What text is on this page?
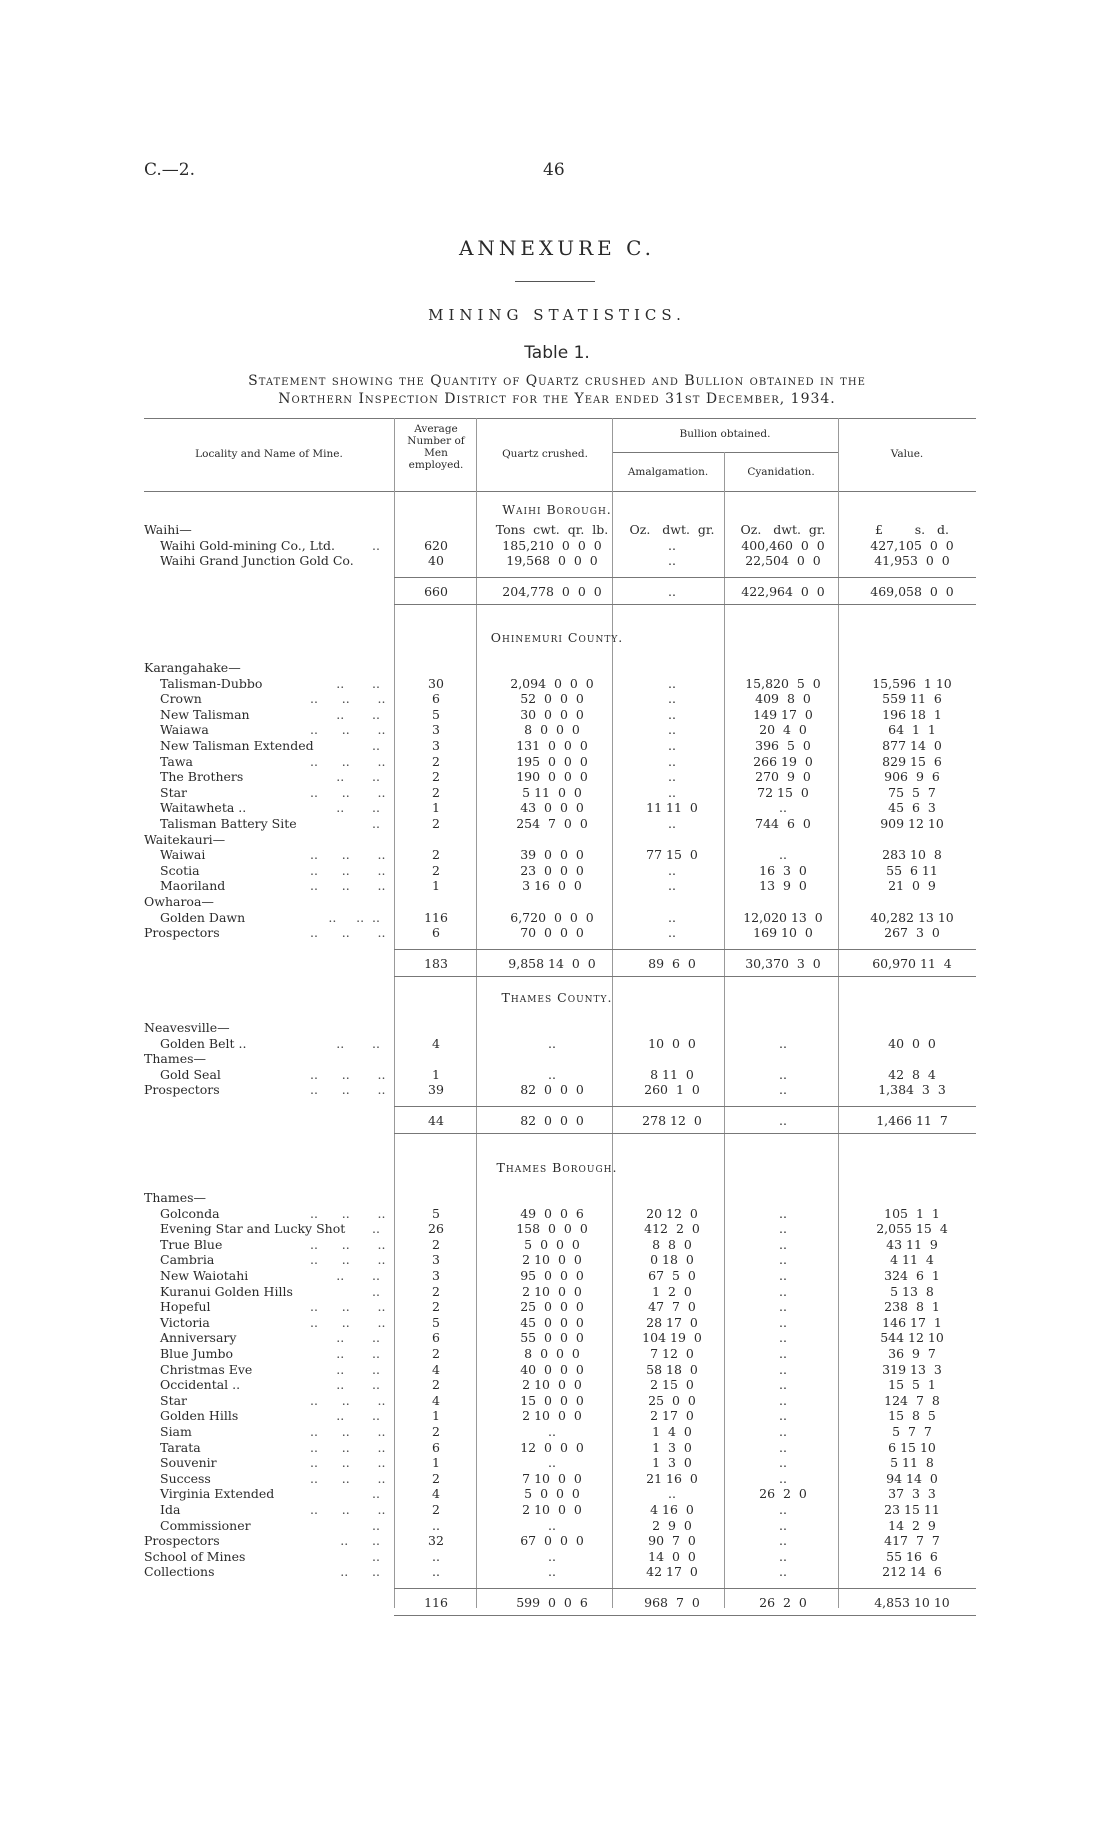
C.—2.	46
ANNEXURE C.
MINING STATISTICS.
Table 1.
Statement showing the Quantity of Quartz crushed and Bullion obtained in the
Northern Inspection District for the Year ended 31st December, 1934.
Locality and Name of Mine.
Average
Number of
Men
employed.
Quartz crushed.
Bullion obtained.
Amalgamation.	Cyanidation.
Value.
Waihi Borough.
Tons  cwt.  qr.  lb.	Oz.   dwt.  gr.	Oz.   dwt.  gr.	£        s.   d.
Waihi—
Waihi Gold-mining Co., Ltd.	..	620	185,210  0  0  0	..	400,460  0  0	427,105  0  0
Waihi Grand Junction Gold Co.	40	19,568  0  0  0	..	22,504  0  0	41,953  0  0
660	204,778  0  0  0	..	422,964  0  0	469,058  0  0
Ohinemuri County.
Karangahake—
Talisman-Dubbo	..       ..	30	2,094  0  0  0	..	15,820  5  0	15,596  1 10
Crown	..      ..       ..	6	52  0  0  0	..	409  8  0	559 11  6
New Talisman	..       ..	5	30  0  0  0	..	149 17  0	196 18  1
Waiawa	..      ..       ..	3	8  0  0  0	..	20  4  0	64  1  1
New Talisman Extended	..	3	131  0  0  0	..	396  5  0	877 14  0
Tawa	..      ..       ..	2	195  0  0  0	..	266 19  0	829 15  6
The Brothers	..       ..	2	190  0  0  0	..	270  9  0	906  9  6
Star	..      ..       ..	2	5 11  0  0	..	72 15  0	75  5  7
Waitawheta ..	..       ..	1	43  0  0  0	11 11  0	..	45  6  3
Talisman Battery Site	..	2	254  7  0  0	..	744  6  0	909 12 10
Waitekauri—
Waiwai	..      ..       ..	2	39  0  0  0	77 15  0	..	283 10  8
Scotia	..      ..       ..	2	23  0  0  0	..	16  3  0	55  6 11
Maoriland	..      ..       ..	1	3 16  0  0	..	13  9  0	21  0  9
Owharoa—
Golden Dawn	..     ..  ..	116	6,720  0  0  0	..	12,020 13  0	40,282 13 10
Prospectors	..      ..       ..	6	70  0  0  0	..	169 10  0	267  3  0
183	9,858 14  0  0	89  6  0	30,370  3  0	60,970 11  4
Thames County.
Neavesville—
Golden Belt ..	..       ..	4	..	10  0  0	..	40  0  0
Thames—
Gold Seal	..      ..       ..	1	..	8 11  0	..	42  8  4
Prospectors	..      ..       ..	39	82  0  0  0	260  1  0	..	1,384  3  3
44	82  0  0  0	278 12  0	..	1,466 11  7
Thames Borough.
Thames—
Golconda	..      ..       ..	5	49  0  0  6	20 12  0	..	105  1  1
Evening Star and Lucky Shot	..	26	158  0  0  0	412  2  0	..	2,055 15  4
True Blue	..      ..       ..	2	5  0  0  0	8  8  0	..	43 11  9
Cambria	..      ..       ..	3	2 10  0  0	0 18  0	..	4 11  4
New Waiotahi	..       ..	3	95  0  0  0	67  5  0	..	324  6  1
Kuranui Golden Hills	..	2	2 10  0  0	1  2  0	..	5 13  8
Hopeful	..      ..       ..	2	25  0  0  0	47  7  0	..	238  8  1
Victoria	..      ..       ..	5	45  0  0  0	28 17  0	..	146 17  1
Anniversary	..       ..	6	55  0  0  0	104 19  0	..	544 12 10
Blue Jumbo	..       ..	2	8  0  0  0	7 12  0	..	36  9  7
Christmas Eve	..       ..	4	40  0  0  0	58 18  0	..	319 13  3
Occidental ..	..       ..	2	2 10  0  0	2 15  0	..	15  5  1
Star	..      ..       ..	4	15  0  0  0	25  0  0	..	124  7  8
Golden Hills	..       ..	1	2 10  0  0	2 17  0	..	15  8  5
Siam	..      ..       ..	2	..	1  4  0	..	5  7  7
Tarata	..      ..       ..	6	12  0  0  0	1  3  0	..	6 15 10
Souvenir	..      ..       ..	1	..	1  3  0	..	5 11  8
Success	..      ..       ..	2	7 10  0  0	21 16  0	..	94 14  0
Virginia Extended	..	4	5  0  0  0	..	26  2  0	37  3  3
Ida	..      ..       ..	2	2 10  0  0	4 16  0	..	23 15 11
Commissioner	..	..	..	2  9  0	..	14  2  9
Prospectors	..      ..	32	67  0  0  0	90  7  0	..	417  7  7
School of Mines	..	..	..	14  0  0	..	55 16  6
Collections	..      ..	..	..	42 17  0	..	212 14  6
116	599  0  0  6	968  7  0	26  2  0	4,853 10 10
